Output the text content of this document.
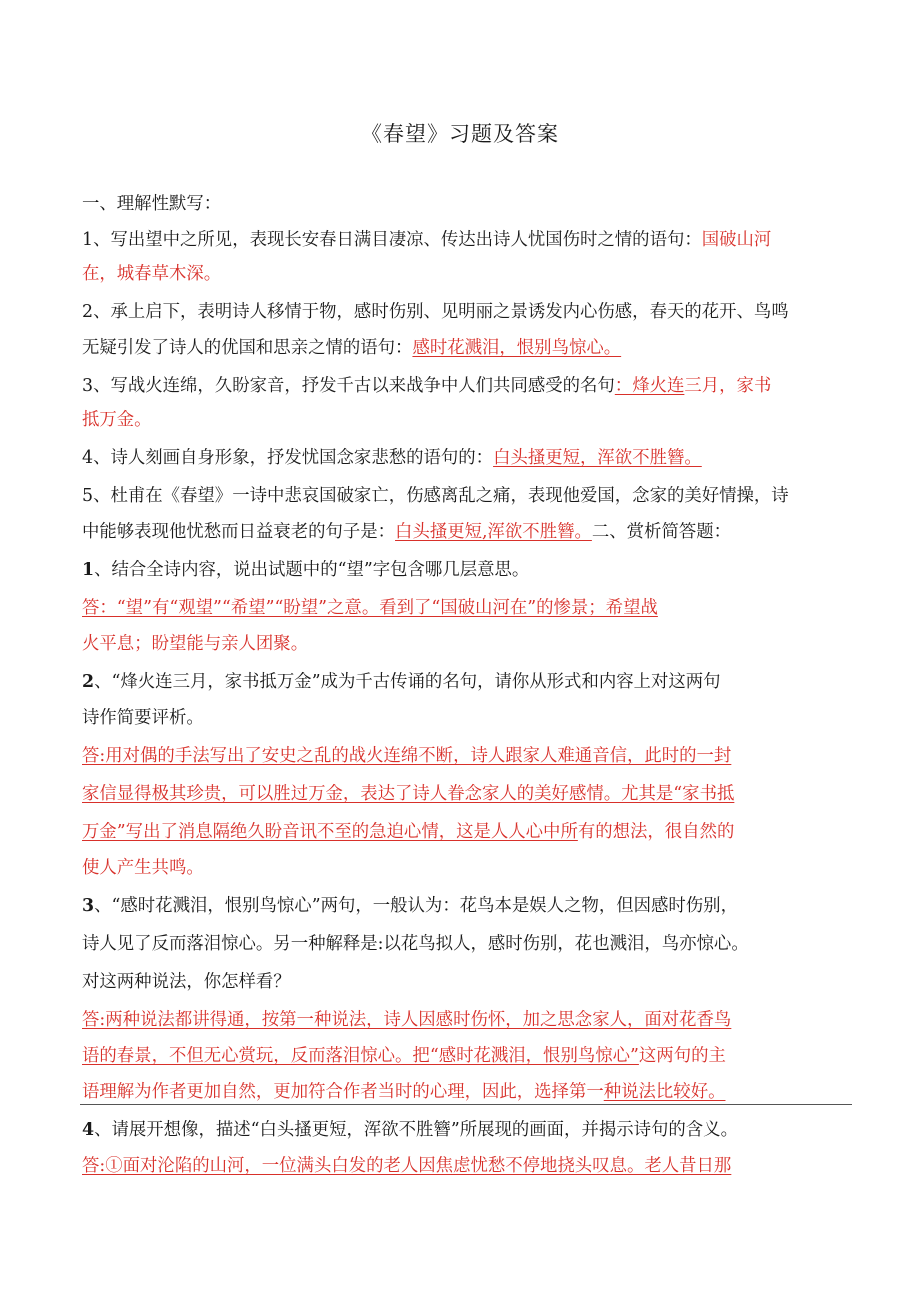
《春望》习题及答案
一、理解性默写：
1、写出望中之所见，表现长安春日满目凄凉、传达出诗人忧国伤时之情的语句：国破山河
在，城春草木深。
2、承上启下，表明诗人移情于物，感时伤别、见明丽之景诱发内心伤感，春天的花开、鸟鸣
无疑引发了诗人的优国和思亲之情的语句：感时花溅泪，恨别鸟惊心。
3、写战火连绵，久盼家音，抒发千古以来战争中人们共同感受的名句：烽火连三月，家书
抵万金。
4、诗人刻画自身形象，抒发忧国念家悲愁的语句的：白头搔更短，浑欲不胜簪。
5、杜甫在《春望》一诗中悲哀国破家亡，伤感离乱之痛，表现他爱国，念家的美好情操，诗
中能够表现他忧愁而日益衰老的句子是：白头搔更短,浑欲不胜簪。二、赏析简答题：
1、结合全诗内容，说出试题中的“望”字包含哪几层意思。
答：“望”有“观望”“希望”“盼望”之意。看到了“国破山河在”的惨景；希望战
火平息；盼望能与亲人团聚。
2、“烽火连三月，家书抵万金”成为千古传诵的名句，请你从形式和内容上对这两句
诗作简要评析。
答:用对偶的手法写出了安史之乱的战火连绵不断，诗人跟家人难通音信，此时的一封
家信显得极其珍贵，可以胜过万金，表达了诗人眷念家人的美好感情。尤其是“家书抵
万金”写出了消息隔绝久盼音讯不至的急迫心情，这是人人心中所有的想法，很自然的
使人产生共鸣。
3、“感时花溅泪，恨别鸟惊心”两句，一般认为：花鸟本是娱人之物，但因感时伤别，
诗人见了反而落泪惊心。另一种解释是:以花鸟拟人，感时伤别，花也溅泪，鸟亦惊心。
对这两种说法，你怎样看？
答:两种说法都讲得通，按第一种说法，诗人因感时伤怀，加之思念家人，面对花香鸟
语的春景，不但无心赏玩，反而落泪惊心。把“感时花溅泪，恨别鸟惊心”这两句的主
语理解为作者更加自然，更加符合作者当时的心理，因此，选择第一种说法比较好。
4、请展开想像，描述“白头搔更短，浑欲不胜簪”所展现的画面，并揭示诗句的含义。
答:①面对沦陷的山河，一位满头白发的老人因焦虑忧愁不停地挠头叹息。老人昔日那
